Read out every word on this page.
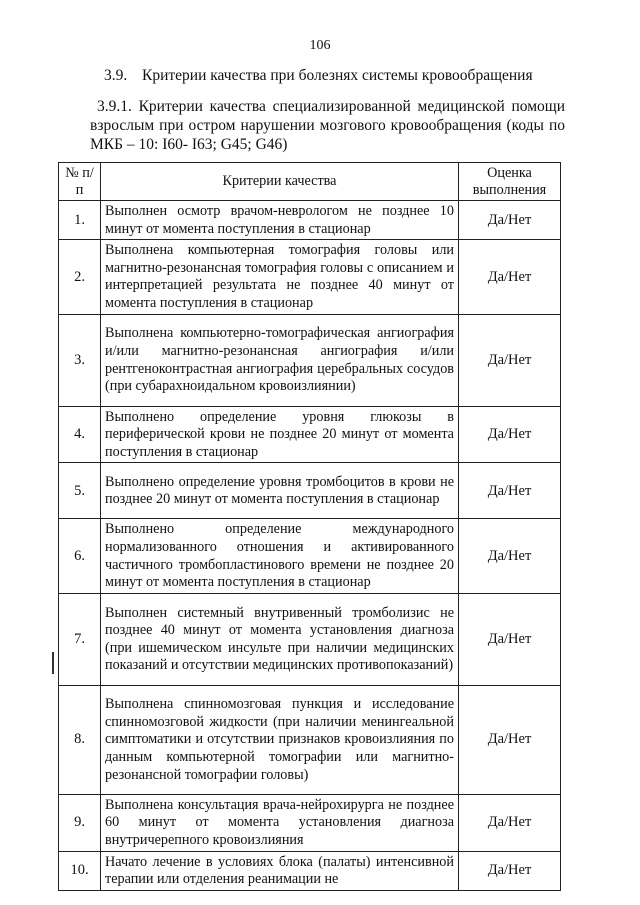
106
3.9. Критерии качества при болезнях системы кровообращения

3.9.1. Критерии качества специализированной медицинской помощи взрослым при остром нарушении мозгового кровообращения (коды по МКБ – 10: I60- I63; G45; G46)

№ п/п	Критерии качества	Оценка выполнения
1.	Выполнен осмотр врачом-неврологом не позднее 10 минут от момента поступления в стационар	Да/Нет
2.	Выполнена компьютерная томография головы или магнитно-резонансная томография головы с описанием и интерпретацией результата не позднее 40 минут от момента поступления в стационар	Да/Нет
3.	Выполнена компьютерно-томографическая ангиография и/или магнитно-резонансная ангиография и/или рентгеноконтрастная ангиография церебральных сосудов (при субарахноидальном кровоизлиянии)	Да/Нет
4.	Выполнено определение уровня глюкозы в периферической крови не позднее 20 минут от момента поступления в стационар	Да/Нет
5.	Выполнено определение уровня тромбоцитов в крови не позднее 20 минут от момента поступления в стационар	Да/Нет
6.	Выполнено определение международного нормализованного отношения и активированного частичного тромбопластинового времени не позднее 20 минут от момента поступления в стационар	Да/Нет
7.	Выполнен системный внутривенный тромболизис не позднее 40 минут от момента установления диагноза (при ишемическом инсульте при наличии медицинских показаний и отсутствии медицинских противопоказаний)	Да/Нет
8.	Выполнена спинномозговая пункция и исследование спинномозговой жидкости (при наличии менингеальной симптоматики и отсутствии признаков кровоизлияния по данным компьютерной томографии или магнитно-резонансной томографии головы)	Да/Нет
9.	Выполнена консультация врача-нейрохирурга не позднее 60 минут от момента установления диагноза внутричерепного кровоизлияния	Да/Нет
10.	Начато лечение в условиях блока (палаты) интенсивной терапии или отделения реанимации не	Да/Нет
